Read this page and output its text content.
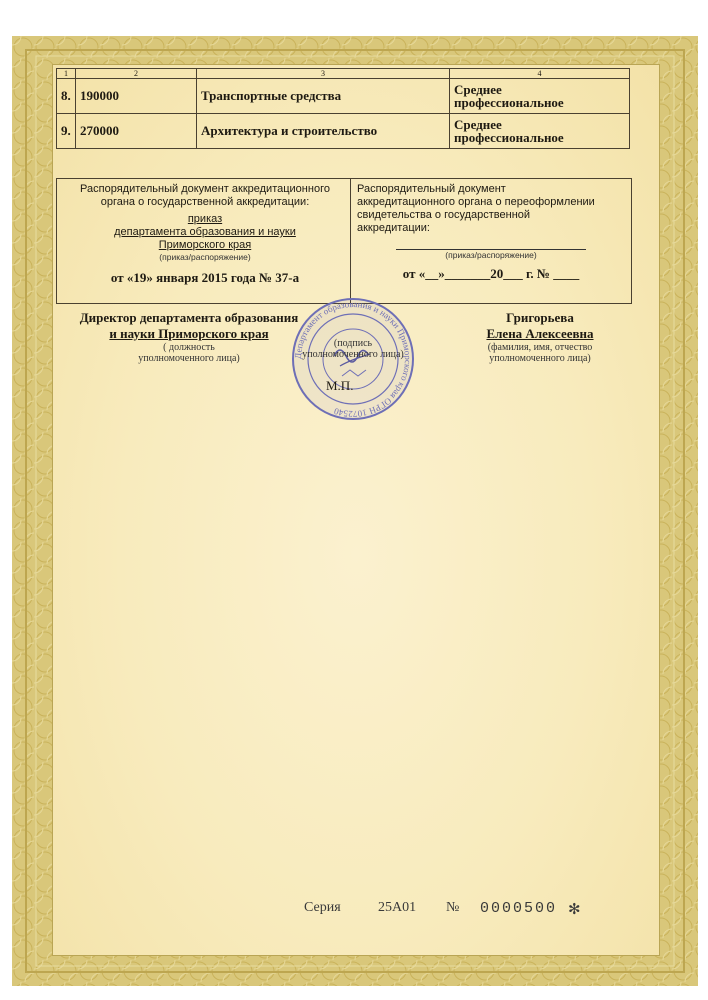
1	2	3	4
8.	190000	Транспортные средства	Среднее
профессиональное

9.	270000	Архитектура и строительство	Среднее
профессиональное

Распорядительный документ аккредитационного

органа о государственной аккредитации:

приказ

департамента образования и науки

Приморского края

(приказ/распоряжение)

от «19» января 2015 года № 37-а

Распорядительный документ

аккредитационного органа о переоформлении

свидетельства о государственной

аккредитации:

(приказ/распоряжение)

от «__»_______20___ г. № ____

Директор департамента образования
и науки Приморского края
( должность
уполномоченного лица)	Департамент образования и науки Приморского края ОГРН 1072540
(подпись
уполномоченного лица)
М.П.
Григорьева
Елена Алексеевна
(фамилия, имя, отчество
уполномоченного лица)
Серия	25А01 № 0000500 ✻
